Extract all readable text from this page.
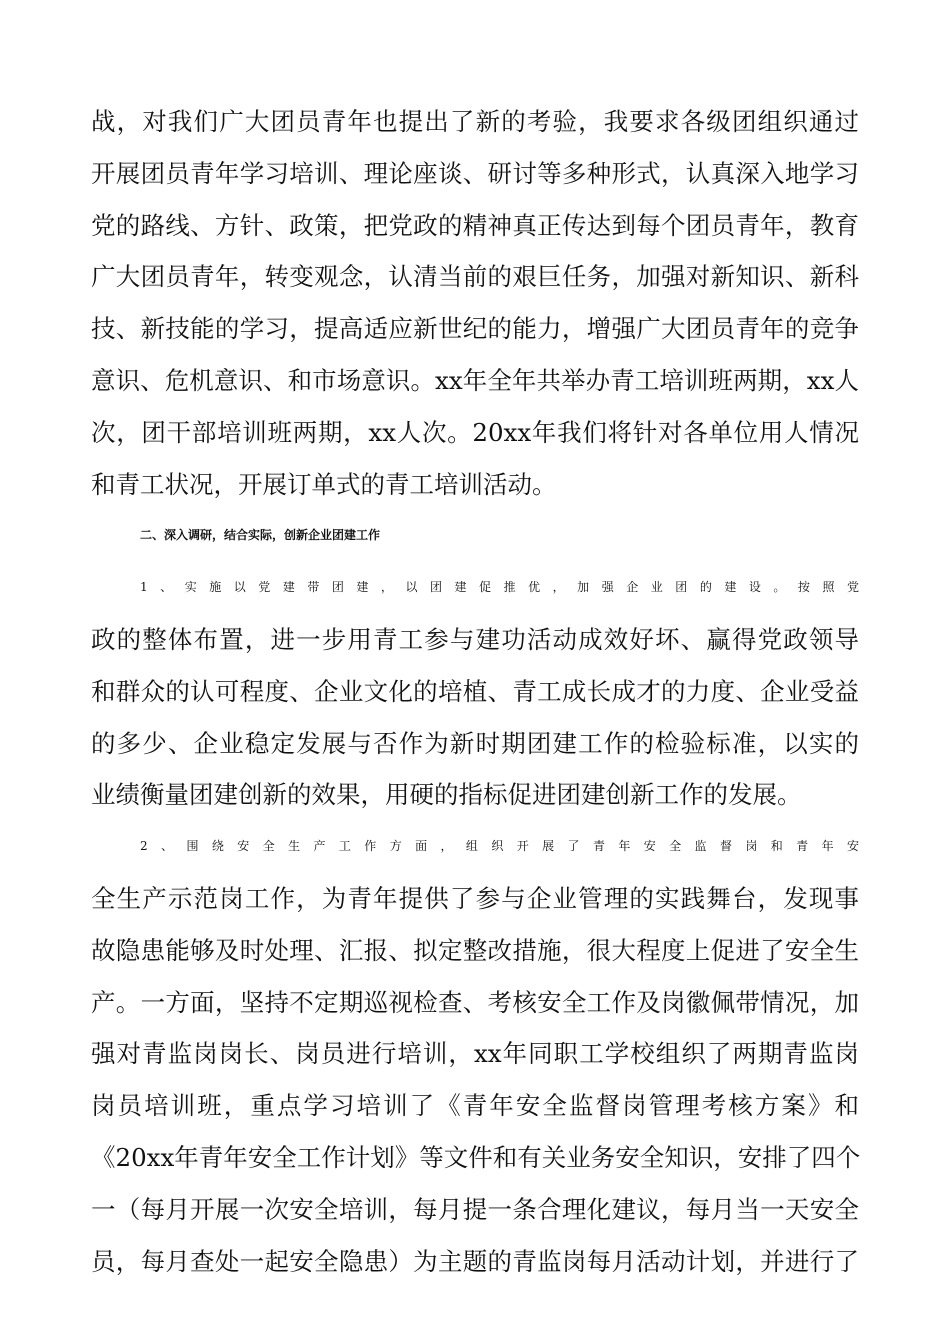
战，对我们广大团员青年也提出了新的考验，我要求各级团组织通过
开展团员青年学习培训、理论座谈、研讨等多种形式，认真深入地学习
党的路线、方针、政策，把党政的精神真正传达到每个团员青年，教育
广大团员青年，转变观念，认清当前的艰巨任务，加强对新知识、新科
技、新技能的学习，提高适应新世纪的能力，增强广大团员青年的竞争
意识、危机意识、和市场意识。xx年全年共举办青工培训班两期，xx人
次，团干部培训班两期，xx人次。20xx年我们将针对各单位用人情况
和青工状况，开展订单式的青工培训活动。
二、深入调研，结合实际，创新企业团建工作
1、实施以党建带团建，以团建促推优，加强企业团的建设。按照党
政的整体布置，进一步用青工参与建功活动成效好坏、赢得党政领导
和群众的认可程度、企业文化的培植、青工成长成才的力度、企业受益
的多少、企业稳定发展与否作为新时期团建工作的检验标准，以实的
业绩衡量团建创新的效果，用硬的指标促进团建创新工作的发展。
2、围绕安全生产工作方面，组织开展了青年安全监督岗和青年安
全生产示范岗工作，为青年提供了参与企业管理的实践舞台，发现事
故隐患能够及时处理、汇报、拟定整改措施，很大程度上促进了安全生
产。一方面，坚持不定期巡视检查、考核安全工作及岗徽佩带情况，加
强对青监岗岗长、岗员进行培训，xx年同职工学校组织了两期青监岗
岗员培训班，重点学习培训了《青年安全监督岗管理考核方案》和
《20xx年青年安全工作计划》等文件和有关业务安全知识，安排了四个
一（每月开展一次安全培训，每月提一条合理化建议，每月当一天安全
员，每月查处一起安全隐患）为主题的青监岗每月活动计划，并进行了
